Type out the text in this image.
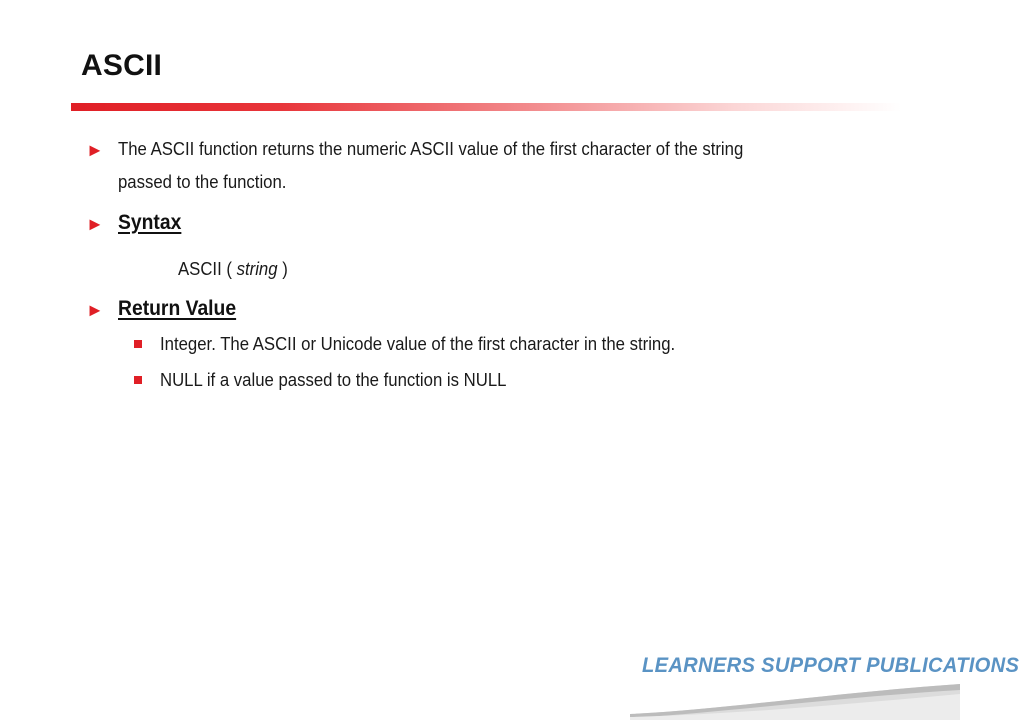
ASCII
► The ASCII function returns the numeric ASCII value of the first character of the string
passed to the function.
► Syntax
ASCII ( string )
► Return Value
Integer. The ASCII or Unicode value of the first character in the string.
NULL if a value passed to the function is NULL
LEARNERS SUPPORT PUBLICATIONS
